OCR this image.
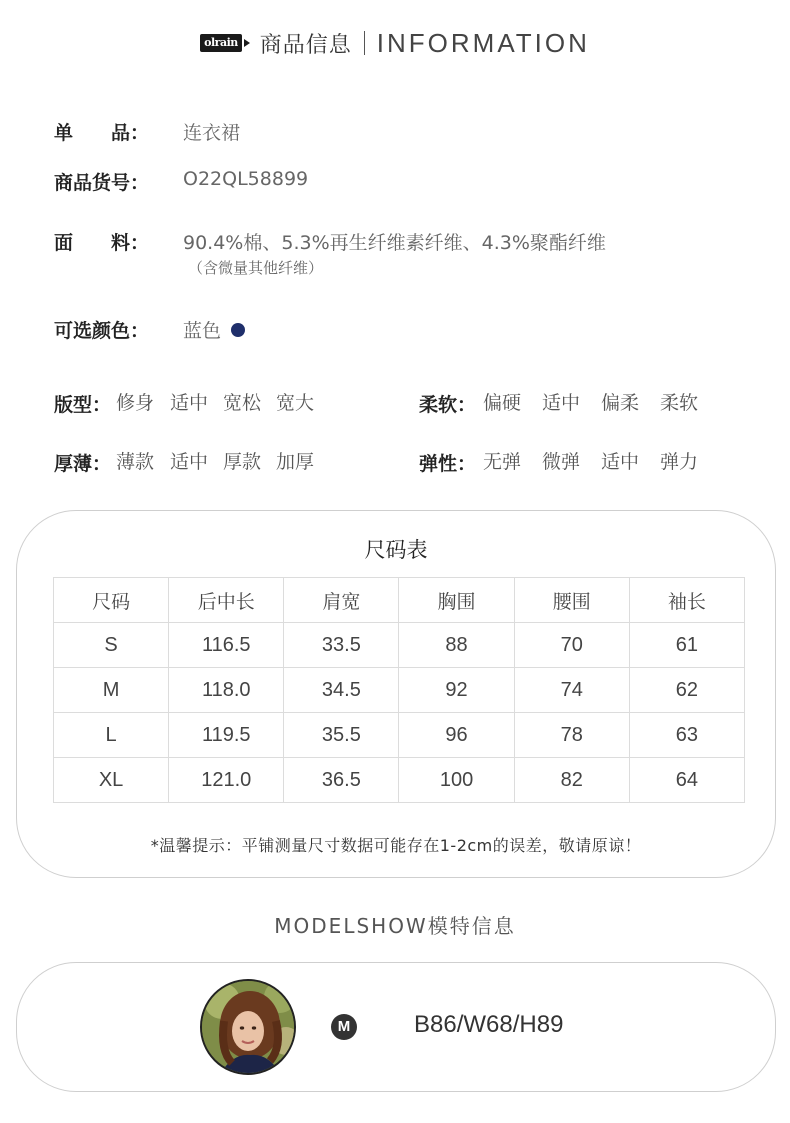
olrain 商品信息 INFORMATION
单　　品： 连衣裙
商品货号： O22QL58899
面　　料： 90.4%棉、5.3%再生纤维素纤维、4.3%聚酯纤维
（含微量其他纤维）
可选颜色： 蓝色
版型： 修身 适中 宽松 宽大	柔软： 偏硬	适中	偏柔	柔软
厚薄： 薄款 适中 厚款 加厚	弹性： 无弹	微弹	适中	弹力
尺码表
尺码	后中长	肩宽	胸围	腰围	袖长
S	116.5	33.5	88	70	61
M	118.0	34.5	92	74	62
L	119.5	35.5	96	78	63
XL	121.0	36.5	100	82	64
*温馨提示：平铺测量尺寸数据可能存在1-2cm的误差，敬请原谅！
MODELSHOW模特信息
M	B86/W68/H89
